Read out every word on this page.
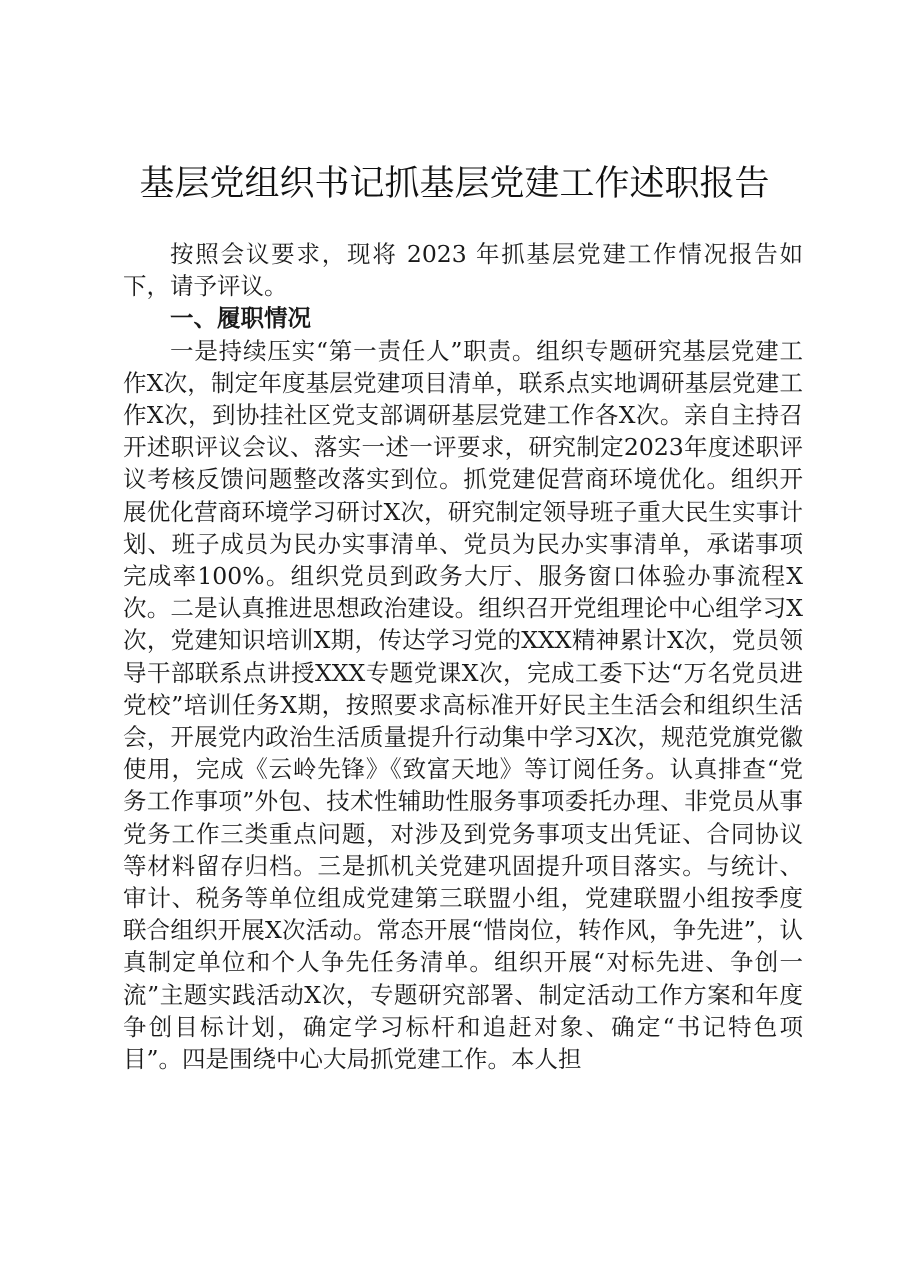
基层党组织书记抓基层党建工作述职报告

按照会议要求，现将 2023 年抓基层党建工作情况报告如下，请予评议。

一、履职情况

一是持续压实“第一责任人”职责。组织专题研究基层党建工作X次，制定年度基层党建项目清单，联系点实地调研基层党建工作X次，到协挂社区党支部调研基层党建工作各X次。亲自主持召开述职评议会议、落实一述一评要求，研究制定2023年度述职评议考核反馈问题整改落实到位。抓党建促营商环境优化。组织开展优化营商环境学习研讨X次，研究制定领导班子重大民生实事计划、班子成员为民办实事清单、党员为民办实事清单，承诺事项完成率100%。组织党员到政务大厅、服务窗口体验办事流程X次。二是认真推进思想政治建设。组织召开党组理论中心组学习X次，党建知识培训X期，传达学习党的XXX精神累计X次，党员领导干部联系点讲授XXX专题党课X次，完成工委下达“万名党员进党校”培训任务X期，按照要求高标准开好民主生活会和组织生活会，开展党内政治生活质量提升行动集中学习X次，规范党旗党徽使用，完成《云岭先锋》《致富天地》等订阅任务。认真排查“党务工作事项”外包、技术性辅助性服务事项委托办理、非党员从事党务工作三类重点问题，对涉及到党务事项支出凭证、合同协议等材料留存归档。三是抓机关党建巩固提升项目落实。与统计、审计、税务等单位组成党建第三联盟小组，党建联盟小组按季度联合组织开展X次活动。常态开展“惜岗位，转作风，争先进”，认真制定单位和个人争先任务清单。组织开展“对标先进、争创一流”主题实践活动X次，专题研究部署、制定活动工作方案和年度争创目标计划，确定学习标杆和追赶对象、确定“书记特色项目”。四是围绕中心大局抓党建工作。本人担
